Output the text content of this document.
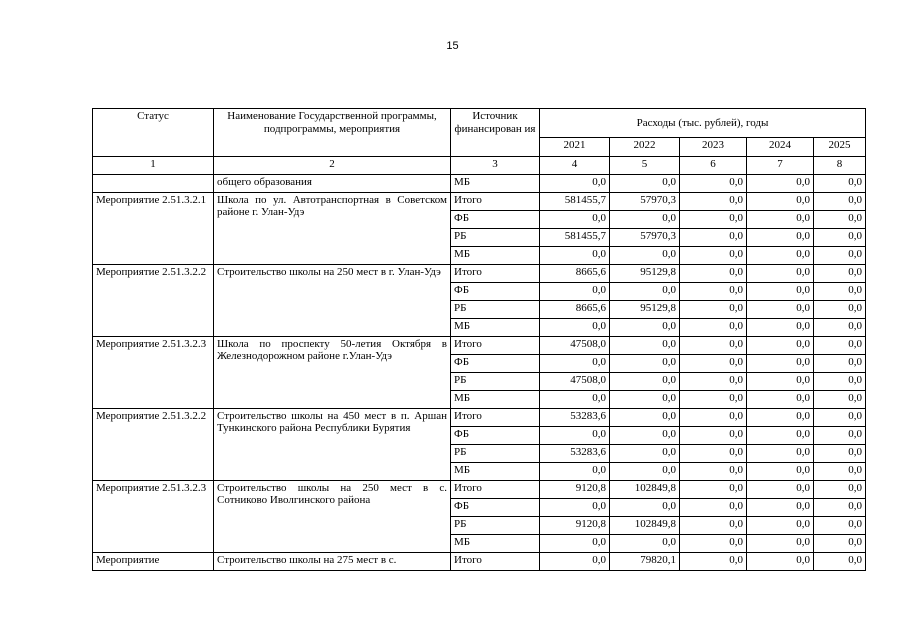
15
Статус	Наименование Государственной программы, подпрограммы, мероприятия	Источник финансирован ия	Расходы (тыс. рублей), годы				
			2021	2022	2023	2024	2025
1	2	3	4	5	6	7	8
	общего образования	МБ	0,0	0,0	0,0	0,0	0,0
Мероприятие 2.51.3.2.1	Школа по ул. Автотранспортная в Советском районе г. Улан-Удэ	Итого	581455,7	57970,3	0,0	0,0	0,0
		ФБ	0,0	0,0	0,0	0,0	0,0
		РБ	581455,7	57970,3	0,0	0,0	0,0
		МБ	0,0	0,0	0,0	0,0	0,0
Мероприятие 2.51.3.2.2	Строительство школы на 250 мест в г. Улан-Удэ	Итого	8665,6	95129,8	0,0	0,0	0,0
		ФБ	0,0	0,0	0,0	0,0	0,0
		РБ	8665,6	95129,8	0,0	0,0	0,0
		МБ	0,0	0,0	0,0	0,0	0,0
Мероприятие 2.51.3.2.3	Школа по проспекту 50-летия Октября в Железнодорожном районе г.Улан-Удэ	Итого	47508,0	0,0	0,0	0,0	0,0
		ФБ	0,0	0,0	0,0	0,0	0,0
		РБ	47508,0	0,0	0,0	0,0	0,0
		МБ	0,0	0,0	0,0	0,0	0,0
Мероприятие 2.51.3.2.2	Строительство школы на 450 мест в п. Аршан Тункинского района Республики Бурятия	Итого	53283,6	0,0	0,0	0,0	0,0
		ФБ	0,0	0,0	0,0	0,0	0,0
		РБ	53283,6	0,0	0,0	0,0	0,0
		МБ	0,0	0,0	0,0	0,0	0,0
Мероприятие 2.51.3.2.3	Строительство школы на 250 мест в с. Сотниково Иволгинского района	Итого	9120,8	102849,8	0,0	0,0	0,0
		ФБ	0,0	0,0	0,0	0,0	0,0
		РБ	9120,8	102849,8	0,0	0,0	0,0
		МБ	0,0	0,0	0,0	0,0	0,0
Мероприятие	Строительство школы на 275 мест в с.	Итого	0,0	79820,1	0,0	0,0	0,0
